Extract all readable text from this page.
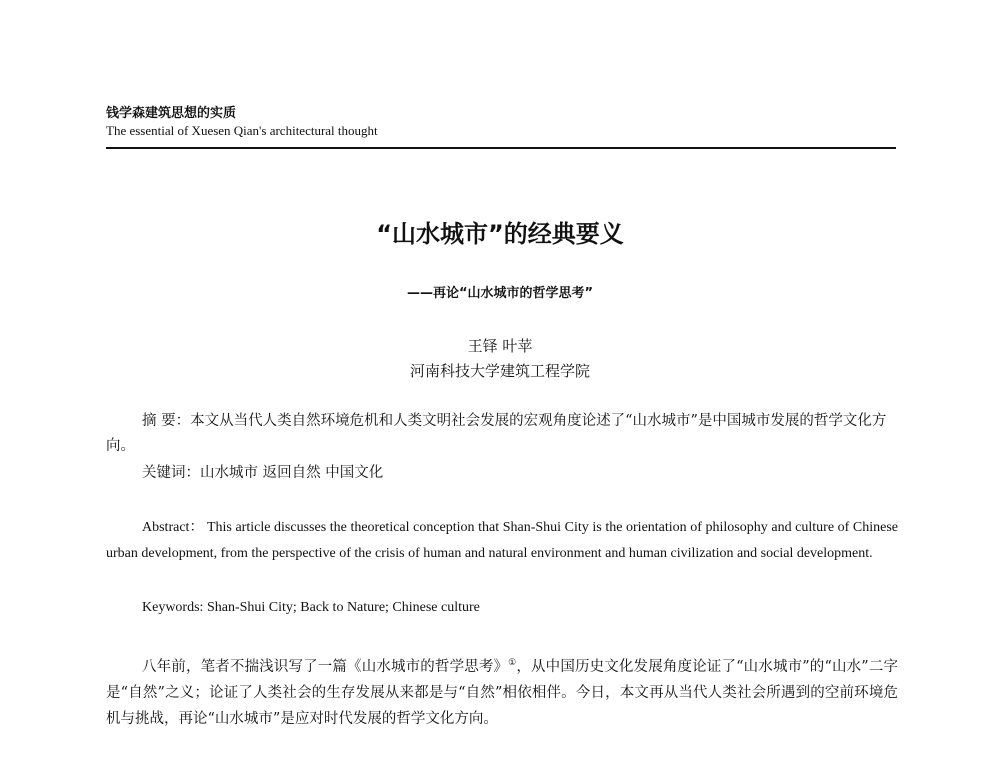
钱学森建筑思想的实质
The essential of Xuesen Qian's architectural thought
“山水城市”的经典要义
——再论“山水城市的哲学思考”
王铎 叶苹
河南科技大学建筑工程学院
摘 要：本文从当代人类自然环境危机和人类文明社会发展的宏观角度论述了“山水城市”是中国城市发展的哲学文化方向。
关键词：山水城市 返回自然 中国文化
Abstract： This article discusses the theoretical conception that Shan-Shui City is the orientation of philosophy and culture of Chinese urban development, from the perspective of the crisis of human and natural environment and human civilization and social development.
Keywords: Shan-Shui City; Back to Nature; Chinese culture
八年前，笔者不揣浅识写了一篇《山水城市的哲学思考》①，从中国历史文化发展角度论证了“山水城市”的“山水”二字是“自然”之义；论证了人类社会的生存发展从来都是与“自然”相依相伴。今日，本文再从当代人类社会所遇到的空前环境危机与挑战，再论“山水城市”是应对时代发展的哲学文化方向。
